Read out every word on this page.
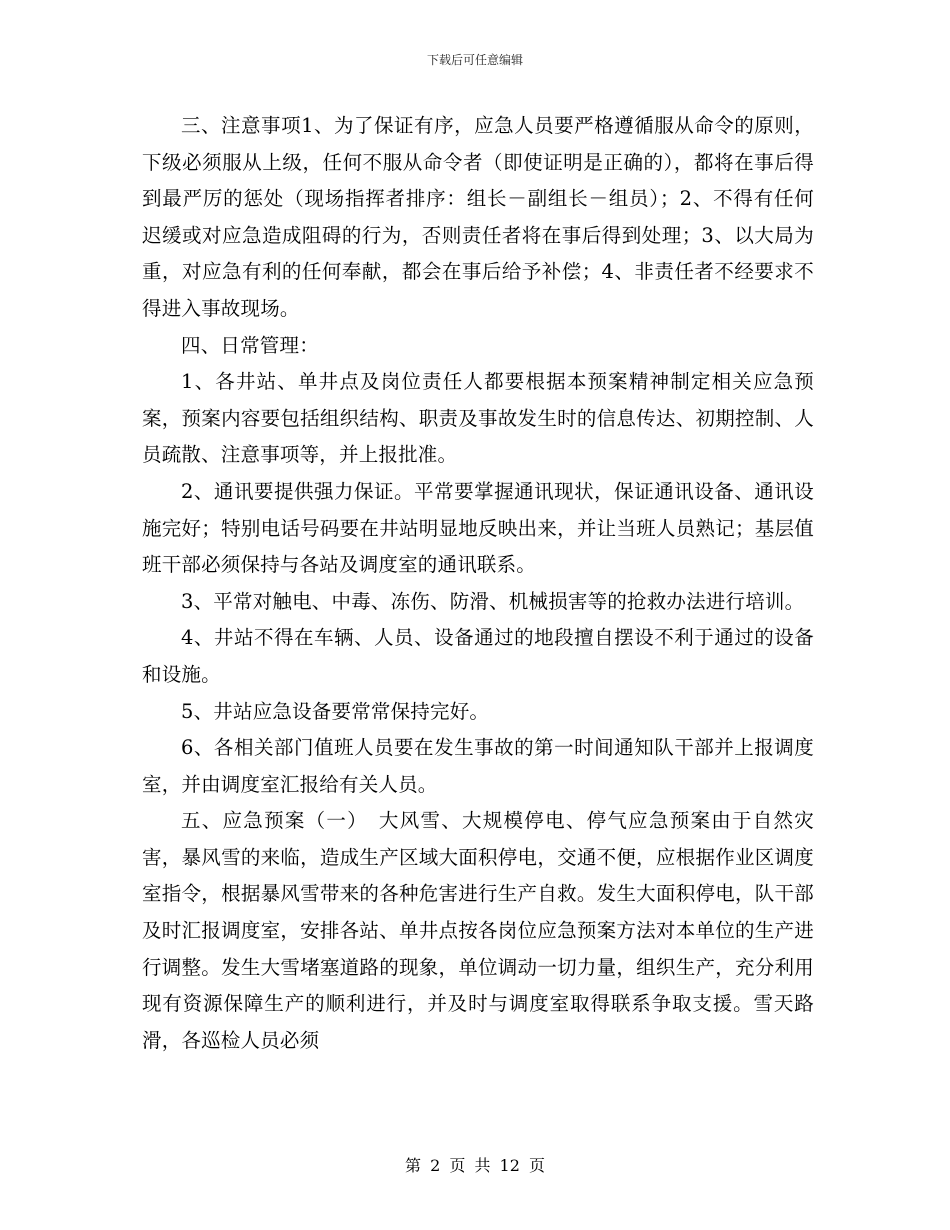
下载后可任意编辑

三、注意事项1、为了保证有序，应急人员要严格遵循服从命令的原则，下级必须服从上级，任何不服从命令者（即使证明是正确的），都将在事后得到最严厉的惩处（现场指挥者排序：组长－副组长－组员）；2、不得有任何迟缓或对应急造成阻碍的行为，否则责任者将在事后得到处理；3、以大局为重，对应急有利的任何奉献，都会在事后给予补偿；4、非责任者不经要求不得进入事故现场。

四、日常管理：

1、各井站、单井点及岗位责任人都要根据本预案精神制定相关应急预案，预案内容要包括组织结构、职责及事故发生时的信息传达、初期控制、人员疏散、注意事项等，并上报批准。

2、通讯要提供强力保证。平常要掌握通讯现状，保证通讯设备、通讯设施完好；特别电话号码要在井站明显地反映出来，并让当班人员熟记；基层值班干部必须保持与各站及调度室的通讯联系。

3、平常对触电、中毒、冻伤、防滑、机械损害等的抢救办法进行培训。

4、井站不得在车辆、人员、设备通过的地段擅自摆设不利于通过的设备和设施。

5、井站应急设备要常常保持完好。

6、各相关部门值班人员要在发生事故的第一时间通知队干部并上报调度室，并由调度室汇报给有关人员。

五、应急预案（一）　大风雪、大规模停电、停气应急预案由于自然灾害，暴风雪的来临，造成生产区域大面积停电，交通不便，应根据作业区调度室指令，根据暴风雪带来的各种危害进行生产自救。发生大面积停电，队干部及时汇报调度室，安排各站、单井点按各岗位应急预案方法对本单位的生产进行调整。发生大雪堵塞道路的现象，单位调动一切力量，组织生产，充分利用现有资源保障生产的顺利进行，并及时与调度室取得联系争取支援。雪天路滑，各巡检人员必须

第 2 页 共 12 页
